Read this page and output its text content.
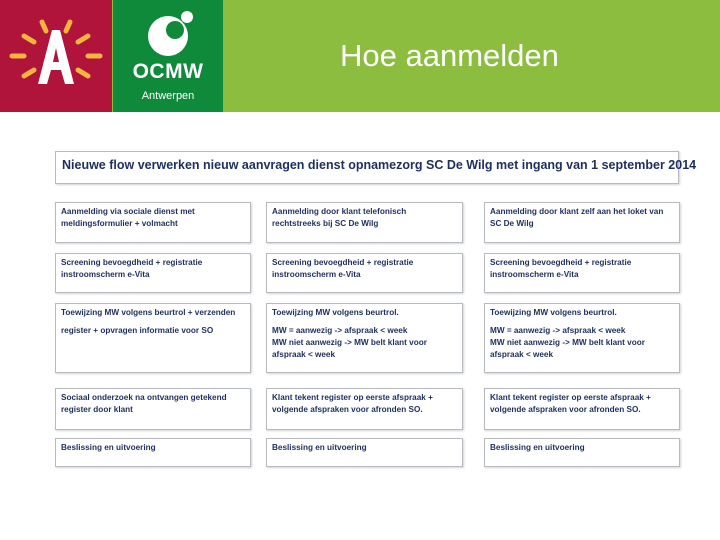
OCMW
Antwerpen
Hoe aanmelden
Nieuwe flow verwerken nieuw aanvragen dienst opnamezorg SC De Wilg met ingang van 1 september 2014
Aanmelding via sociale dienst met
meldingsformulier + volmacht
Screening bevoegdheid + registratie
instroomscherm e-Vita
Toewijzing MW volgens beurtrol + verzenden
register + opvragen informatie voor SO
Sociaal onderzoek na ontvangen getekend
register door klant
Beslissing en uitvoering
Aanmelding door klant telefonisch
rechtstreeks bij SC De Wilg
Screening bevoegdheid + registratie
instroomscherm e-Vita
Toewijzing MW volgens beurtrol.
MW = aanwezig -> afspraak < week
MW niet aanwezig -> MW belt klant voor
afspraak < week
Klant tekent register op eerste afspraak +
volgende afspraken voor afronden SO.
Beslissing en uitvoering
Aanmelding door klant zelf aan het loket van
SC De Wilg
Screening bevoegdheid + registratie
instroomscherm e-Vita
Toewijzing MW volgens beurtrol.
MW = aanwezig -> afspraak < week
MW niet aanwezig -> MW belt klant voor
afspraak < week
Klant tekent register op eerste afspraak +
volgende afspraken voor afronden SO.
Beslissing en uitvoering
